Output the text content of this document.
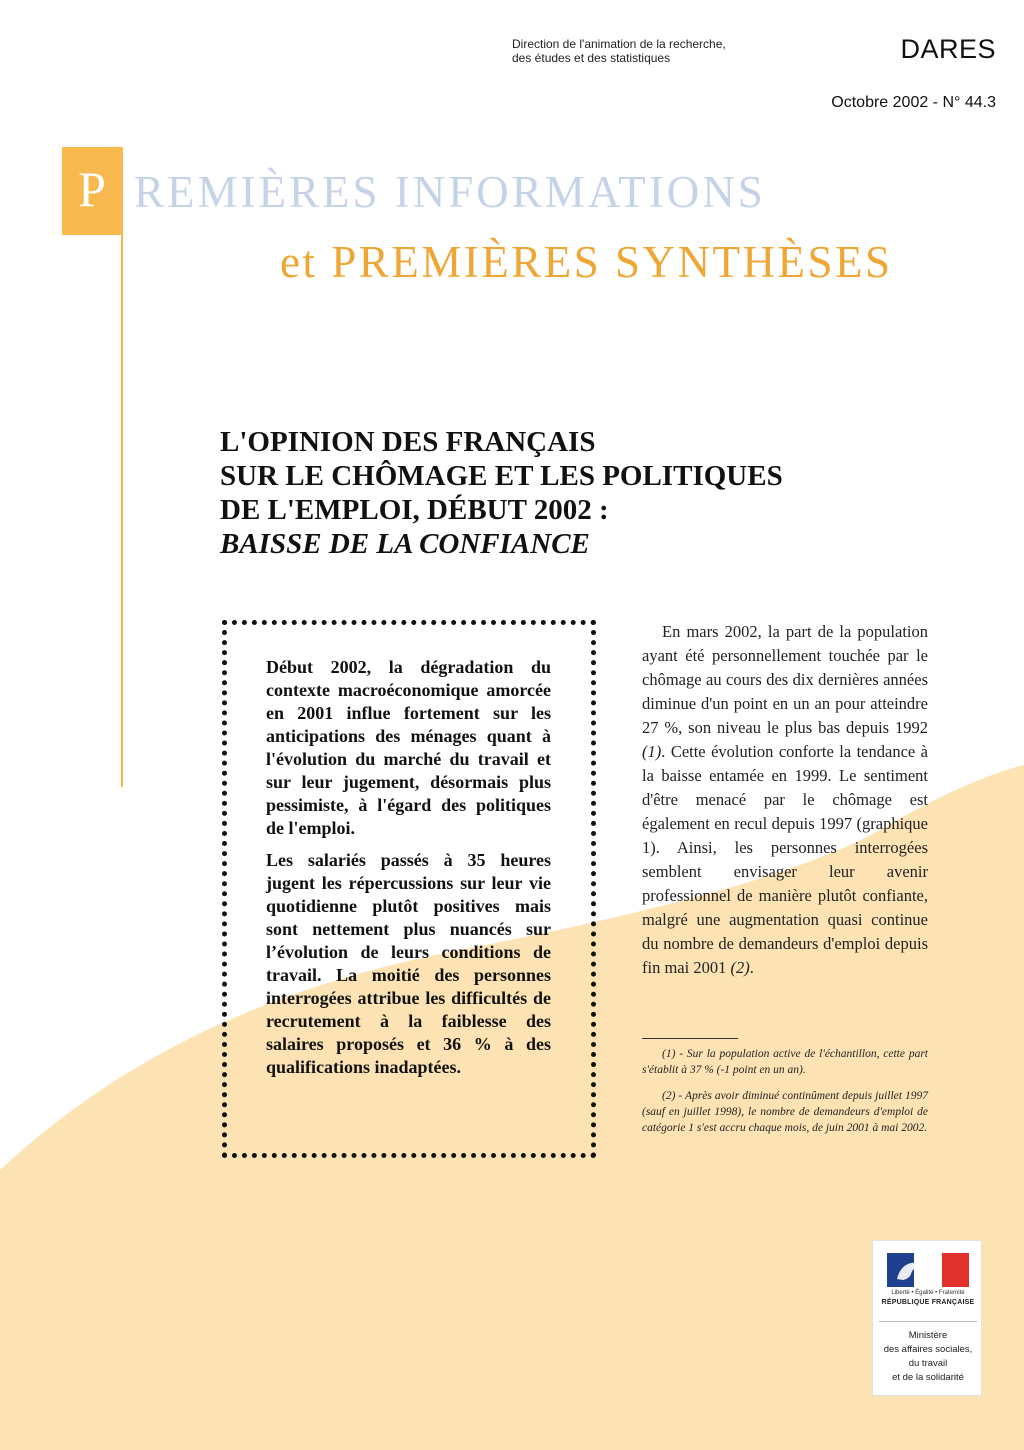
Direction de l'animation de la recherche,
des études et des statistiques	DARES
Octobre 2002 - N° 44.3
P REMIÈRES INFORMATIONS
et PREMIÈRES SYNTHÈSES
L'OPINION DES FRANÇAIS
SUR LE CHÔMAGE ET LES POLITIQUES
DE L'EMPLOI, DÉBUT 2002 :
BAISSE DE LA CONFIANCE

Début 2002, la dégradation du contexte macroéconomique amorcée en 2001 influe fortement sur les anticipations des ménages quant à l'évolution du marché du travail et sur leur jugement, désormais plus pessimiste, à l'égard des politiques de l'emploi.

Les salariés passés à 35 heures jugent les répercussions sur leur vie quotidienne plutôt positives mais sont nettement plus nuancés sur l’évolution de leurs conditions de travail. La moitié des personnes interrogées attribue les difficultés de recrutement à la faiblesse des salaires proposés et 36 % à des qualifications inadaptées.

En mars 2002, la part de la population ayant été personnellement touchée par le chômage au cours des dix dernières années diminue d'un point en un an pour atteindre 27 %, son niveau le plus bas depuis 1992 (1). Cette évolution conforte la tendance à la baisse entamée en 1999. Le sentiment d'être menacé par le chômage est également en recul depuis 1997 (graphique 1). Ainsi, les personnes interrogées semblent envisager leur avenir professionnel de manière plutôt confiante, malgré une augmentation quasi continue du nombre de demandeurs d'emploi depuis fin mai 2001 (2).

(1) - Sur la population active de l'échantillon, cette part s'établit à 37 % (-1 point en un an).

(2) - Après avoir diminué continûment depuis juillet 1997 (sauf en juillet 1998), le nombre de demandeurs d'emploi de catégorie 1 s'est accru chaque mois, de juin 2001 à mai 2002.

Liberté • Égalité • Fraternité
RÉPUBLIQUE FRANÇAISE
Ministère
des affaires sociales,
du travail
et de la solidarité
